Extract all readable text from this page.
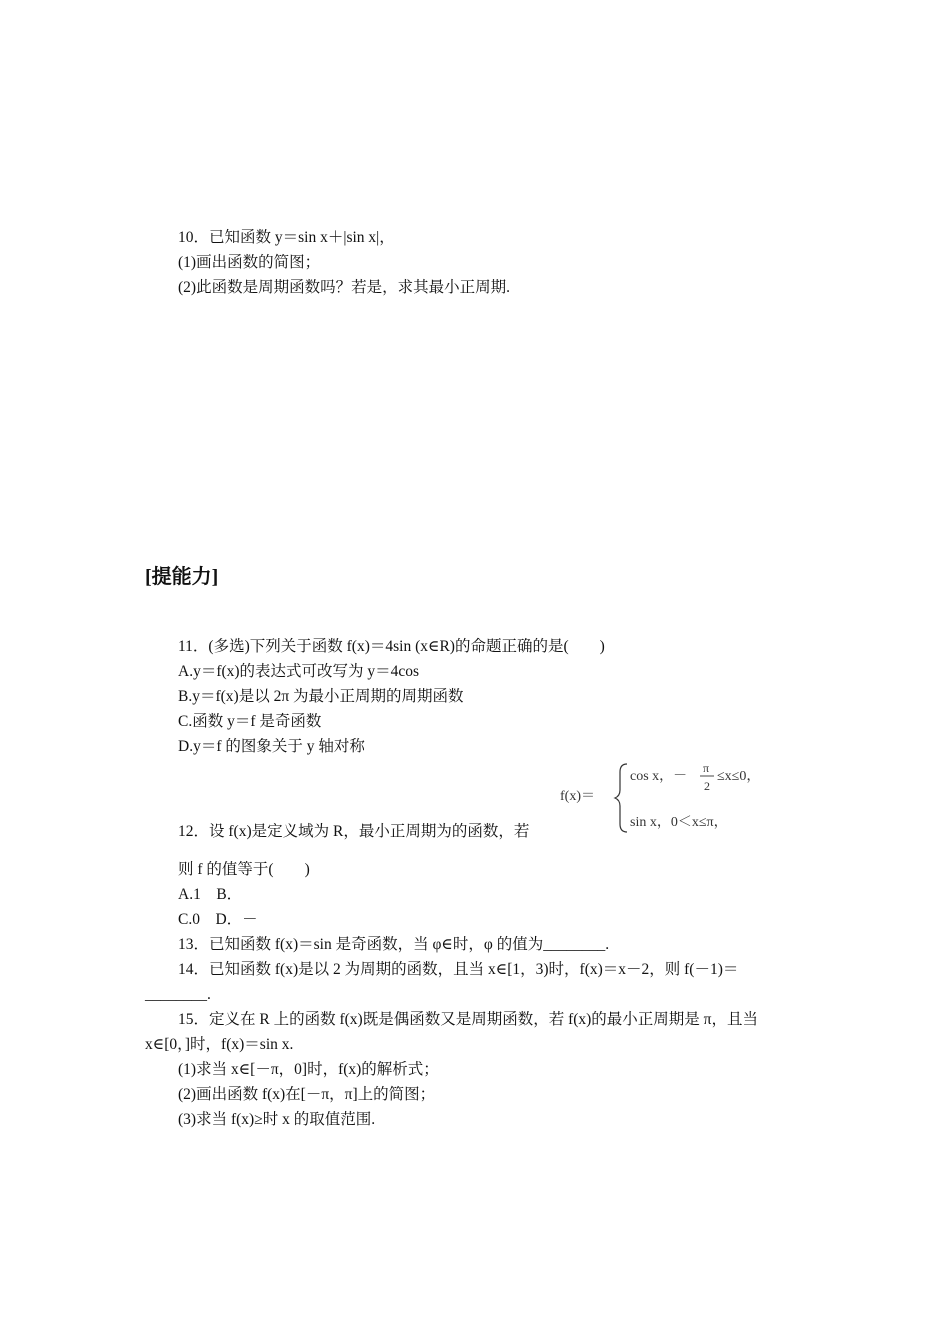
10．已知函数 y＝sin x＋|sin x|，
(1)画出函数的简图；
(2)此函数是周期函数吗？若是，求其最小正周期.
[提能力]
11．(多选)下列关于函数 f(x)＝4sin (x∈R)的命题正确的是(　　)
A.y＝f(x)的表达式可改写为 y＝4cos
B.y＝f(x)是以 2π 为最小正周期的周期函数
C.函数 y＝f 是奇函数
D.y＝f 的图象关于 y 轴对称
f(x)＝
cos x，－
π
2
≤x≤0，
sin x，0＜x≤π，
12．设 f(x)是定义域为 R，最小正周期为的函数，若
则 f 的值等于(　　)
A.1　B．
C.0　D．－
13．已知函数 f(x)＝sin 是奇函数，当 φ∈时，φ 的值为________.
14．已知函数 f(x)是以 2 为周期的函数，且当 x∈[1，3)时，f(x)＝x－2，则 f(－1)＝
________.
15．定义在 R 上的函数 f(x)既是偶函数又是周期函数，若 f(x)的最小正周期是 π，且当
x∈[0，]时，f(x)＝sin x.
(1)求当 x∈[－π，0]时，f(x)的解析式；
(2)画出函数 f(x)在[－π，π]上的简图；
(3)求当 f(x)≥时 x 的取值范围.
